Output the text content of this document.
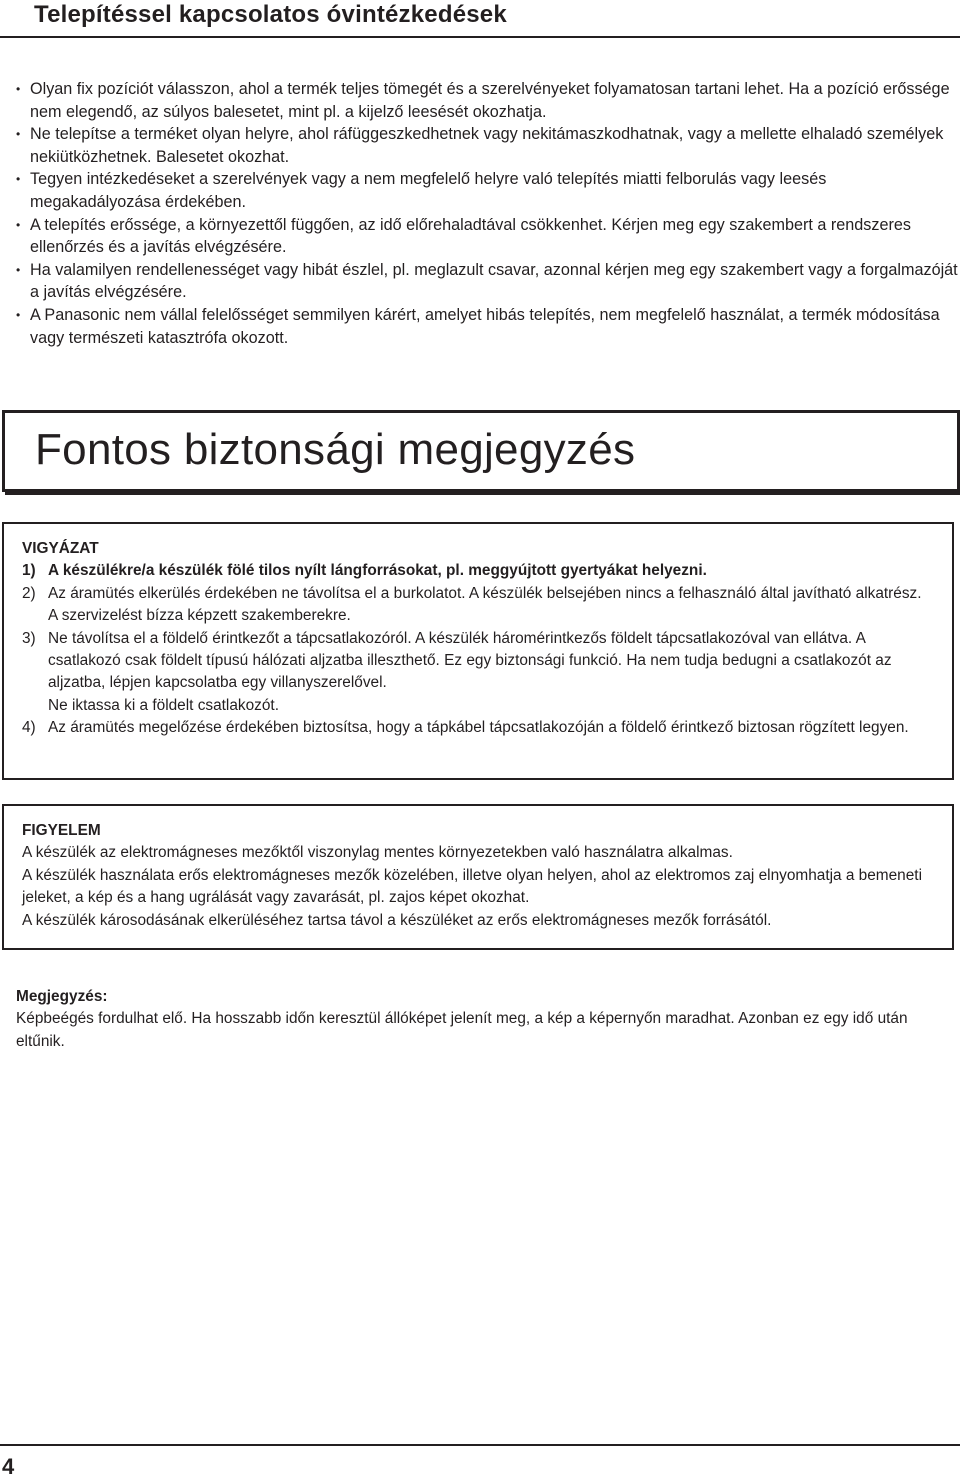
Telepítéssel kapcsolatos óvintézkedések
• Olyan fix pozíciót válasszon, ahol a termék teljes tömegét és a szerelvényeket folyamatosan tartani lehet. Ha a pozíció erőssége nem elegendő, az súlyos balesetet, mint pl. a kijelző leesését okozhatja.
• Ne telepítse a terméket olyan helyre, ahol ráfüggeszkedhetnek vagy nekitámaszkodhatnak, vagy a mellette elhaladó személyek nekiütközhetnek. Balesetet okozhat.
• Tegyen intézkedéseket a szerelvények vagy a nem megfelelő helyre való telepítés miatti felborulás vagy leesés megakadályozása érdekében.
• A telepítés erőssége, a környezettől függően, az idő előrehaladtával csökkenhet. Kérjen meg egy szakembert a rendszeres ellenőrzés és a javítás elvégzésére.
• Ha valamilyen rendellenességet vagy hibát észlel, pl. meglazult csavar, azonnal kérjen meg egy szakembert vagy a forgalmazóját a javítás elvégzésére.
• A Panasonic nem vállal felelősséget semmilyen kárért, amelyet hibás telepítés, nem megfelelő használat, a termék módosítása vagy természeti katasztrófa okozott.
Fontos biztonsági megjegyzés
VIGYÁZAT
1) A készülékre/a készülék fölé tilos nyílt lángforrásokat, pl. meggyújtott gyertyákat helyezni.
2) Az áramütés elkerülés érdekében ne távolítsa el a burkolatot. A készülék belsejében nincs a felhasználó által javítható alkatrész. A szervizelést bízza képzett szakemberekre.
3) Ne távolítsa el a földelő érintkezőt a tápcsatlakozóról. A készülék háromérintkezős földelt tápcsatlakozóval van ellátva. A csatlakozó csak földelt típusú hálózati aljzatba illeszthető. Ez egy biztonsági funkció. Ha nem tudja bedugni a csatlakozót az aljzatba, lépjen kapcsolatba egy villanyszerelővel.
Ne iktassa ki a földelt csatlakozót.
4) Az áramütés megelőzése érdekében biztosítsa, hogy a tápkábel tápcsatlakozóján a földelő érintkező biztosan rögzített legyen.
FIGYELEM
A készülék az elektromágneses mezőktől viszonylag mentes környezetekben való használatra alkalmas.
A készülék használata erős elektromágneses mezők közelében, illetve olyan helyen, ahol az elektromos zaj elnyomhatja a bemeneti jeleket, a kép és a hang ugrálását vagy zavarását, pl. zajos képet okozhat.
A készülék károsodásának elkerüléséhez tartsa távol a készüléket az erős elektromágneses mezők forrásától.
Megjegyzés:
Képbeégés fordulhat elő. Ha hosszabb időn keresztül állóképet jelenít meg, a kép a képernyőn maradhat. Azonban ez egy idő után eltűnik.
4
